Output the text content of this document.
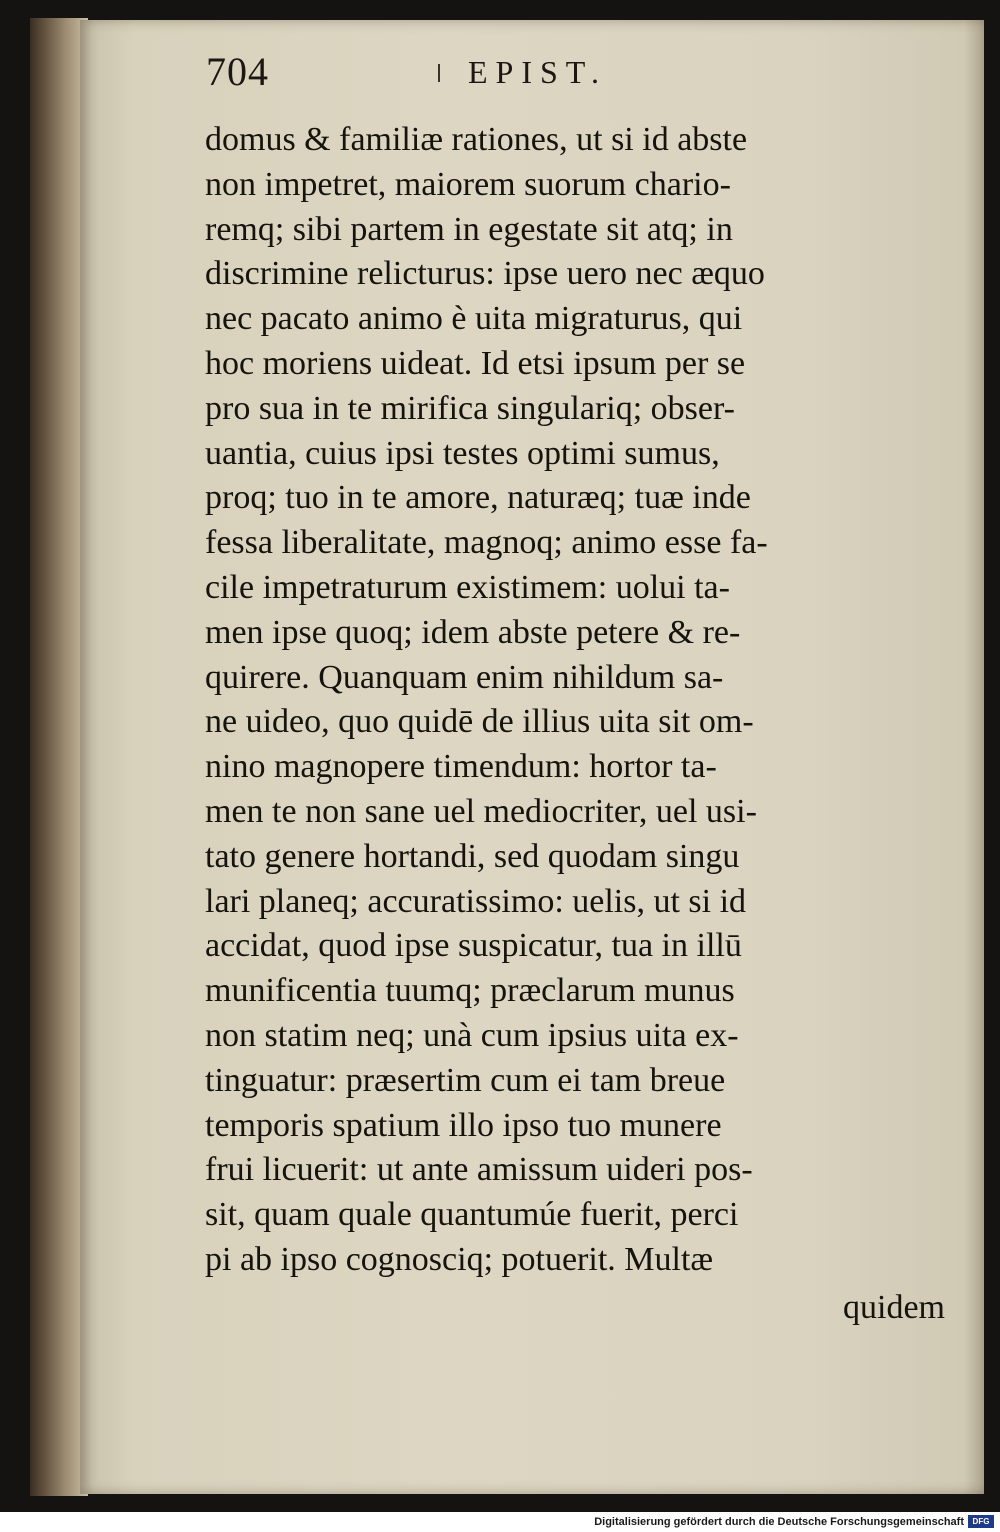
704	EPIST.
domus & familiæ rationes, ut si id abste
non impetret, maiorem suorum chario-
remq; sibi partem in egestate sit atq; in
discrimine relicturus: ipse uero nec æquo
nec pacato animo è uita migraturus, qui
hoc moriens uideat. Id etsi ipsum per se
pro sua in te mirifica singulariq; obser-
uantia, cuius ipsi testes optimi sumus,
proq; tuo in te amore, naturæq; tuæ inde
fessa liberalitate, magnoq; animo esse fa-
cile impetraturum existimem: uolui ta-
men ipse quoq; idem abste petere & re-
quirere. Quanquam enim nihildum sa-
ne uideo, quo quidē de illius uita sit om-
nino magnopere timendum: hortor ta-
men te non sane uel mediocriter, uel usi-
tato genere hortandi, sed quodam singu
lari planeq; accuratissimo: uelis, ut si id
accidat, quod ipse suspicatur, tua in illū
munificentia tuumq; præclarum munus
non statim neq; unà cum ipsius uita ex-
tinguatur: præsertim cum ei tam breue
temporis spatium illo ipso tuo munere
frui licuerit: ut ante amissum uideri pos-
sit, quam quale quantumúe fuerit, perci
pi ab ipso cognosciq; potuerit. Multæ
quidem
Digitalisierung gefördert durch die Deutsche Forschungsgemeinschaft	DFG
